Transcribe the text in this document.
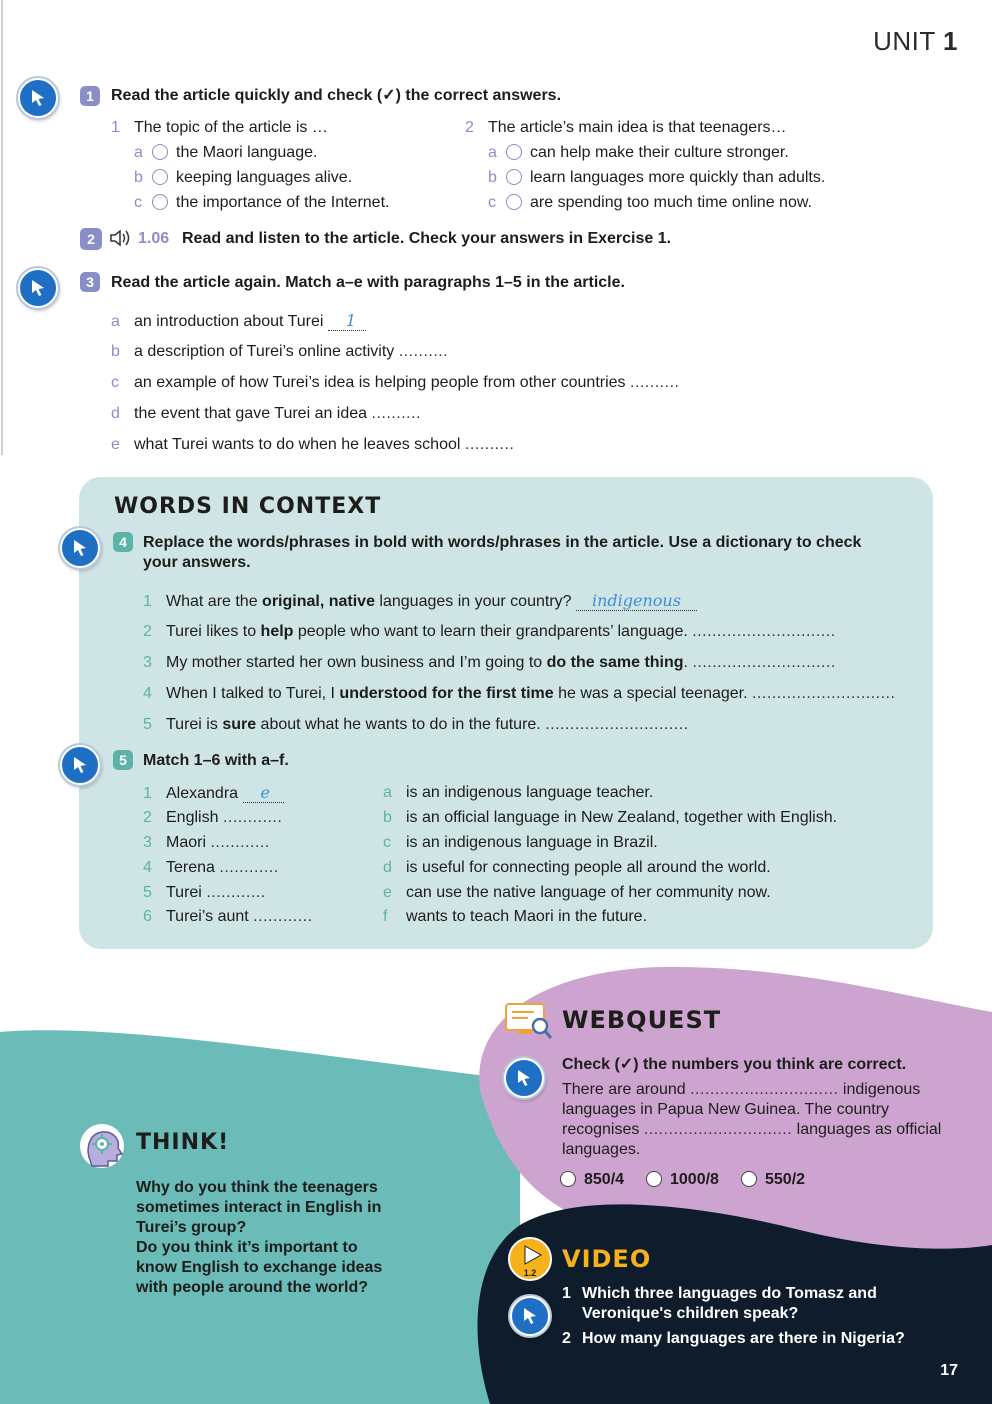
UNIT 1
1	Read the article quickly and check (✓) the correct answers.
1 The topic of the article is …
a the Maori language.
b keeping languages alive.
c the importance of the Internet.
2 The article’s main idea is that teenagers…
a can help make their culture stronger.
b learn languages more quickly than adults.
c are spending too much time online now.
2	1.06 Read and listen to the article. Check your answers in Exercise 1.
3	Read the article again. Match a–e with paragraphs 1–5 in the article.
a an introduction about Turei 1
b a description of Turei’s online activity ..........
c an example of how Turei’s idea is helping people from other countries ..........
d the event that gave Turei an idea ..........
e what Turei wants to do when he leaves school ..........
WORDS IN CONTEXT
4	Replace the words/phrases in bold with words/phrases in the article. Use a dictionary to check
your answers.
1 What are the original, native languages in your country? indigenous
2 Turei likes to help people who want to learn their grandparents’ language. .............................
3 My mother started her own business and I’m going to do the same thing. .............................
4 When I talked to Turei, I understood for the first time he was a special teenager. .............................
5 Turei is sure about what he wants to do in the future. .............................
5	Match 1–6 with a–f.
1 Alexandra e
2 English ............
3 Maori ............
4 Terena ............
5 Turei ............
6 Turei’s aunt ............
a is an indigenous language teacher.
b is an official language in New Zealand, together with English.
c is an indigenous language in Brazil.
d is useful for connecting people all around the world.
e can use the native language of her community now.
f wants to teach Maori in the future.
THINK!
Why do you think the teenagers
sometimes interact in English in
Turei’s group?
Do you think it’s important to
know English to exchange ideas
with people around the world?
WEBQUEST
Check (✓) the numbers you think are correct.
There are around .............................. indigenous
languages in Papua New Guinea. The country
recognises .............................. languages as official
languages.
850/4	1000/8	550/2
1.2	VIDEO
1 Which three languages do Tomasz and
Veronique's children speak?
2 How many languages are there in Nigeria?
17
